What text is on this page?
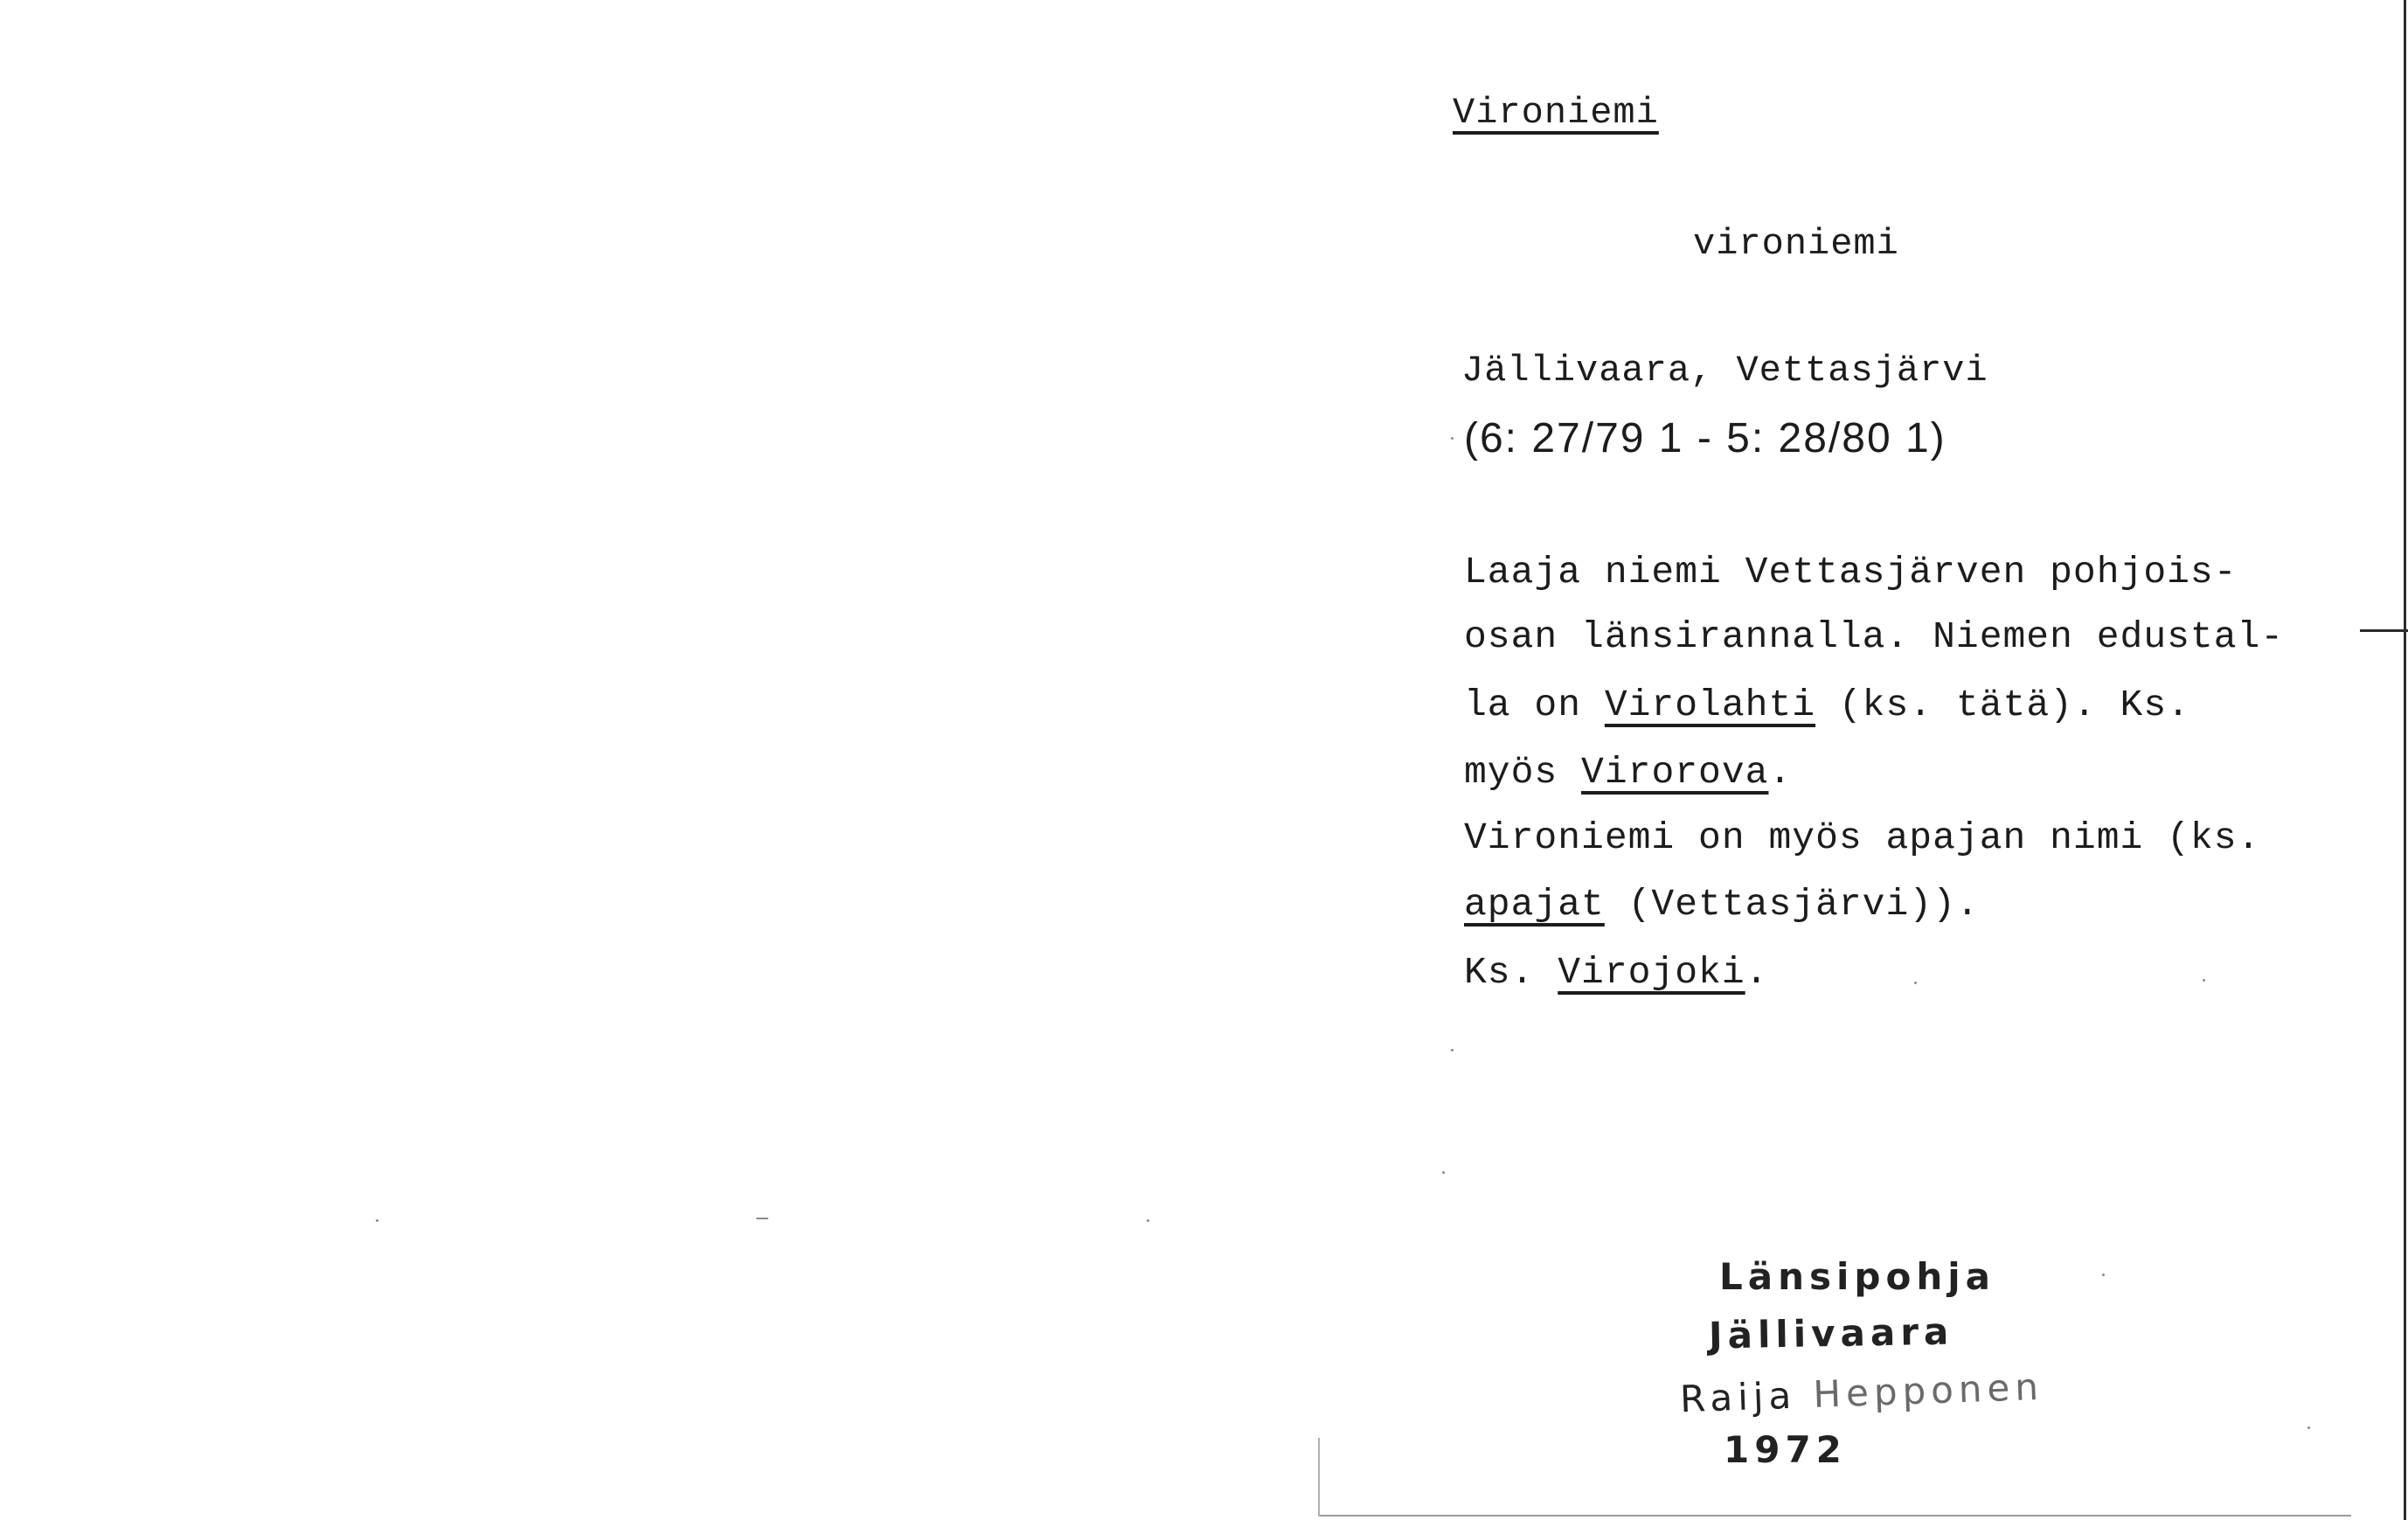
Vironiemi
vironiemi
Jällivaara, Vettasjärvi
(6: 27/79 1 - 5: 28/80 1)
Laaja niemi Vettasjärven pohjois-
osan länsirannalla. Niemen edustal-
la on Virolahti (ks. tätä). Ks.
myös Virorova.
Vironiemi on myös apajan nimi (ks.
apajat (Vettasjärvi)).
Ks. Virojoki.
Länsipohja
Jällivaara
Raija Hepponen
1972
